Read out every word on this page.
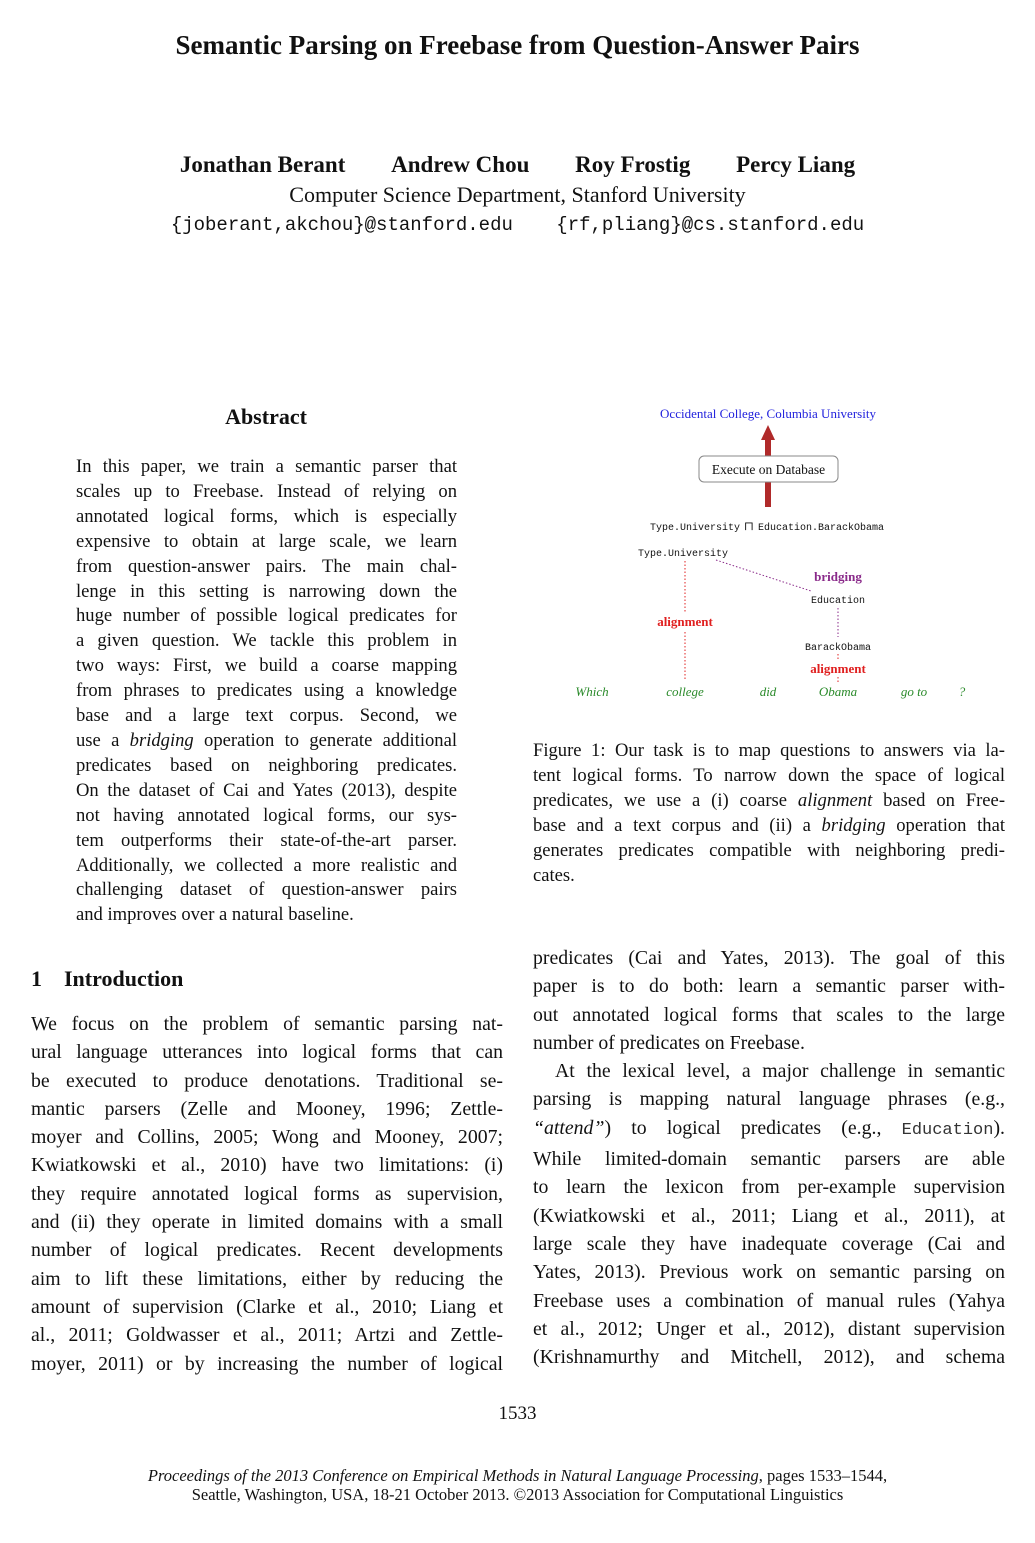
Semantic Parsing on Freebase from Question-Answer Pairs
Jonathan Berant Andrew Chou Roy Frostig Percy Liang
Computer Science Department, Stanford University
{joberant,akchou}@stanford.edu {rf,pliang}@cs.stanford.edu
Abstract
In this paper, we train a semantic parser that
scales up to Freebase. Instead of relying on
annotated logical forms, which is especially
expensive to obtain at large scale, we learn
from question-answer pairs. The main chal-
lenge in this setting is narrowing down the
huge number of possible logical predicates for
a given question. We tackle this problem in
two ways: First, we build a coarse mapping
from phrases to predicates using a knowledge
base and a large text corpus. Second, we
use a bridging operation to generate additional
predicates based on neighboring predicates.
On the dataset of Cai and Yates (2013), despite
not having annotated logical forms, our sys-
tem outperforms their state-of-the-art parser.
Additionally, we collected a more realistic and
challenging dataset of question-answer pairs
and improves over a natural baseline.
Occidental College, Columbia University
Execute on Database
Type.University ⊓ Education.BarackObama
Type.University
bridging
Education
alignment
BarackObama
alignment
Which	college	did	Obama	go to ?
Figure 1: Our task is to map questions to answers via la-
tent logical forms. To narrow down the space of logical
predicates, we use a (i) coarse alignment based on Free-
base and a text corpus and (ii) a bridging operation that
generates predicates compatible with neighboring predi-
cates.
1 Introduction
We focus on the problem of semantic parsing nat-
ural language utterances into logical forms that can
be executed to produce denotations. Traditional se-
mantic parsers (Zelle and Mooney, 1996; Zettle-
moyer and Collins, 2005; Wong and Mooney, 2007;
Kwiatkowski et al., 2010) have two limitations: (i)
they require annotated logical forms as supervision,
and (ii) they operate in limited domains with a small
number of logical predicates. Recent developments
aim to lift these limitations, either by reducing the
amount of supervision (Clarke et al., 2010; Liang et
al., 2011; Goldwasser et al., 2011; Artzi and Zettle-
moyer, 2011) or by increasing the number of logical
predicates (Cai and Yates, 2013). The goal of this
paper is to do both: learn a semantic parser with-
out annotated logical forms that scales to the large
number of predicates on Freebase.
At the lexical level, a major challenge in semantic
parsing is mapping natural language phrases (e.g.,
“attend”) to logical predicates (e.g., Education).
While limited-domain semantic parsers are able
to learn the lexicon from per-example supervision
(Kwiatkowski et al., 2011; Liang et al., 2011), at
large scale they have inadequate coverage (Cai and
Yates, 2013). Previous work on semantic parsing on
Freebase uses a combination of manual rules (Yahya
et al., 2012; Unger et al., 2012), distant supervision
(Krishnamurthy and Mitchell, 2012), and schema
1533
Proceedings of the 2013 Conference on Empirical Methods in Natural Language Processing, pages 1533–1544,
Seattle, Washington, USA, 18-21 October 2013. ©2013 Association for Computational Linguistics
